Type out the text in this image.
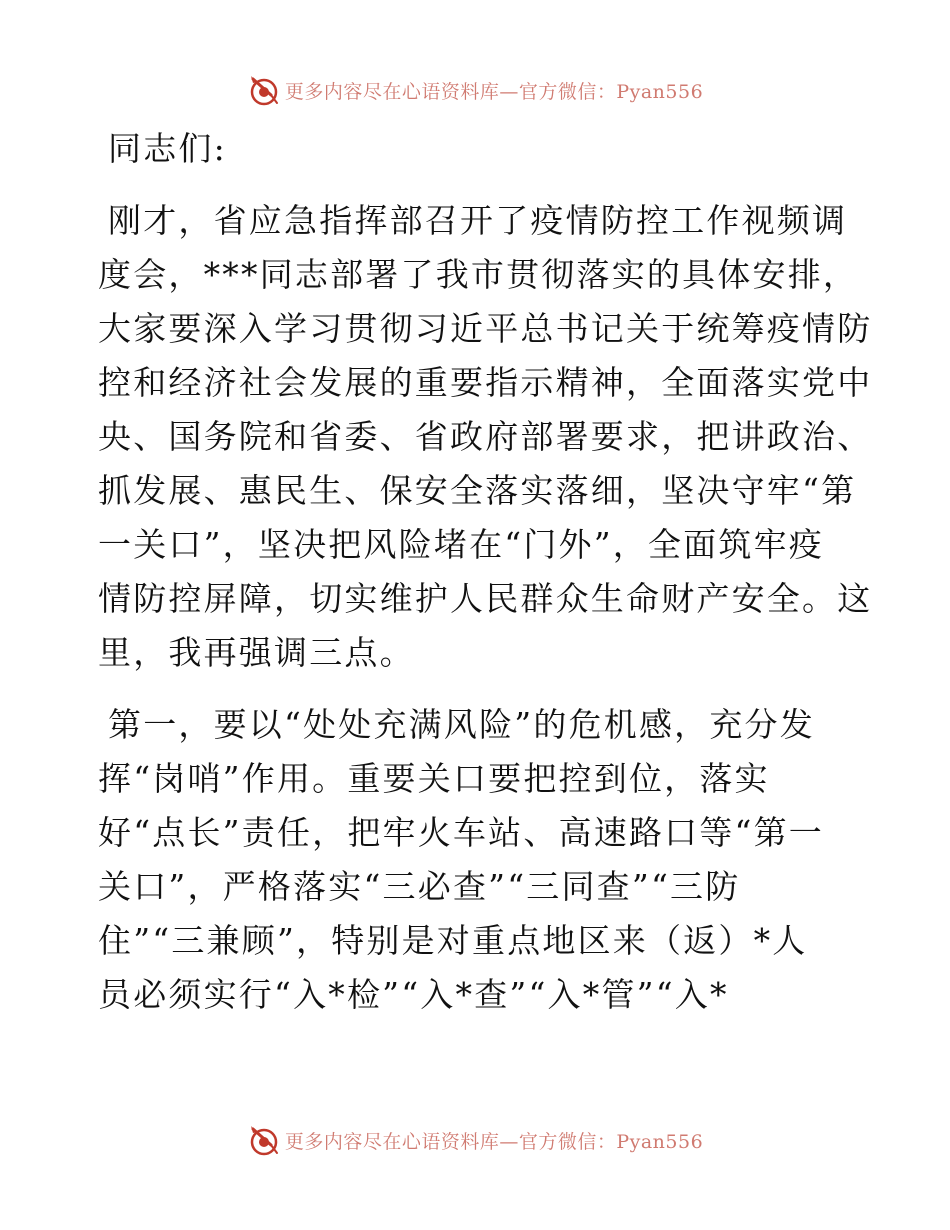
更多内容尽在心语资料库—官方微信：Pyan556
同志们:
刚才，省应急指挥部召开了疫情防控工作视频调
度会，***同志部署了我市贯彻落实的具体安排，
大家要深入学习贯彻习近平总书记关于统筹疫情防
控和经济社会发展的重要指示精神，全面落实党中
央、国务院和省委、省政府部署要求，把讲政治、
抓发展、惠民生、保安全落实落细，坚决守牢“第
一关口”，坚决把风险堵在“门外”，全面筑牢疫
情防控屏障，切实维护人民群众生命财产安全。这
里，我再强调三点。
第一，要以“处处充满风险”的危机感，充分发
挥“岗哨”作用。重要关口要把控到位，落实
好“点长”责任，把牢火车站、高速路口等“第一
关口”，严格落实“三必查”“三同查”“三防
住”“三兼顾”，特别是对重点地区来（返）*人
员必须实行“入*检”“入*查”“入*管”“入*
更多内容尽在心语资料库—官方微信：Pyan556
